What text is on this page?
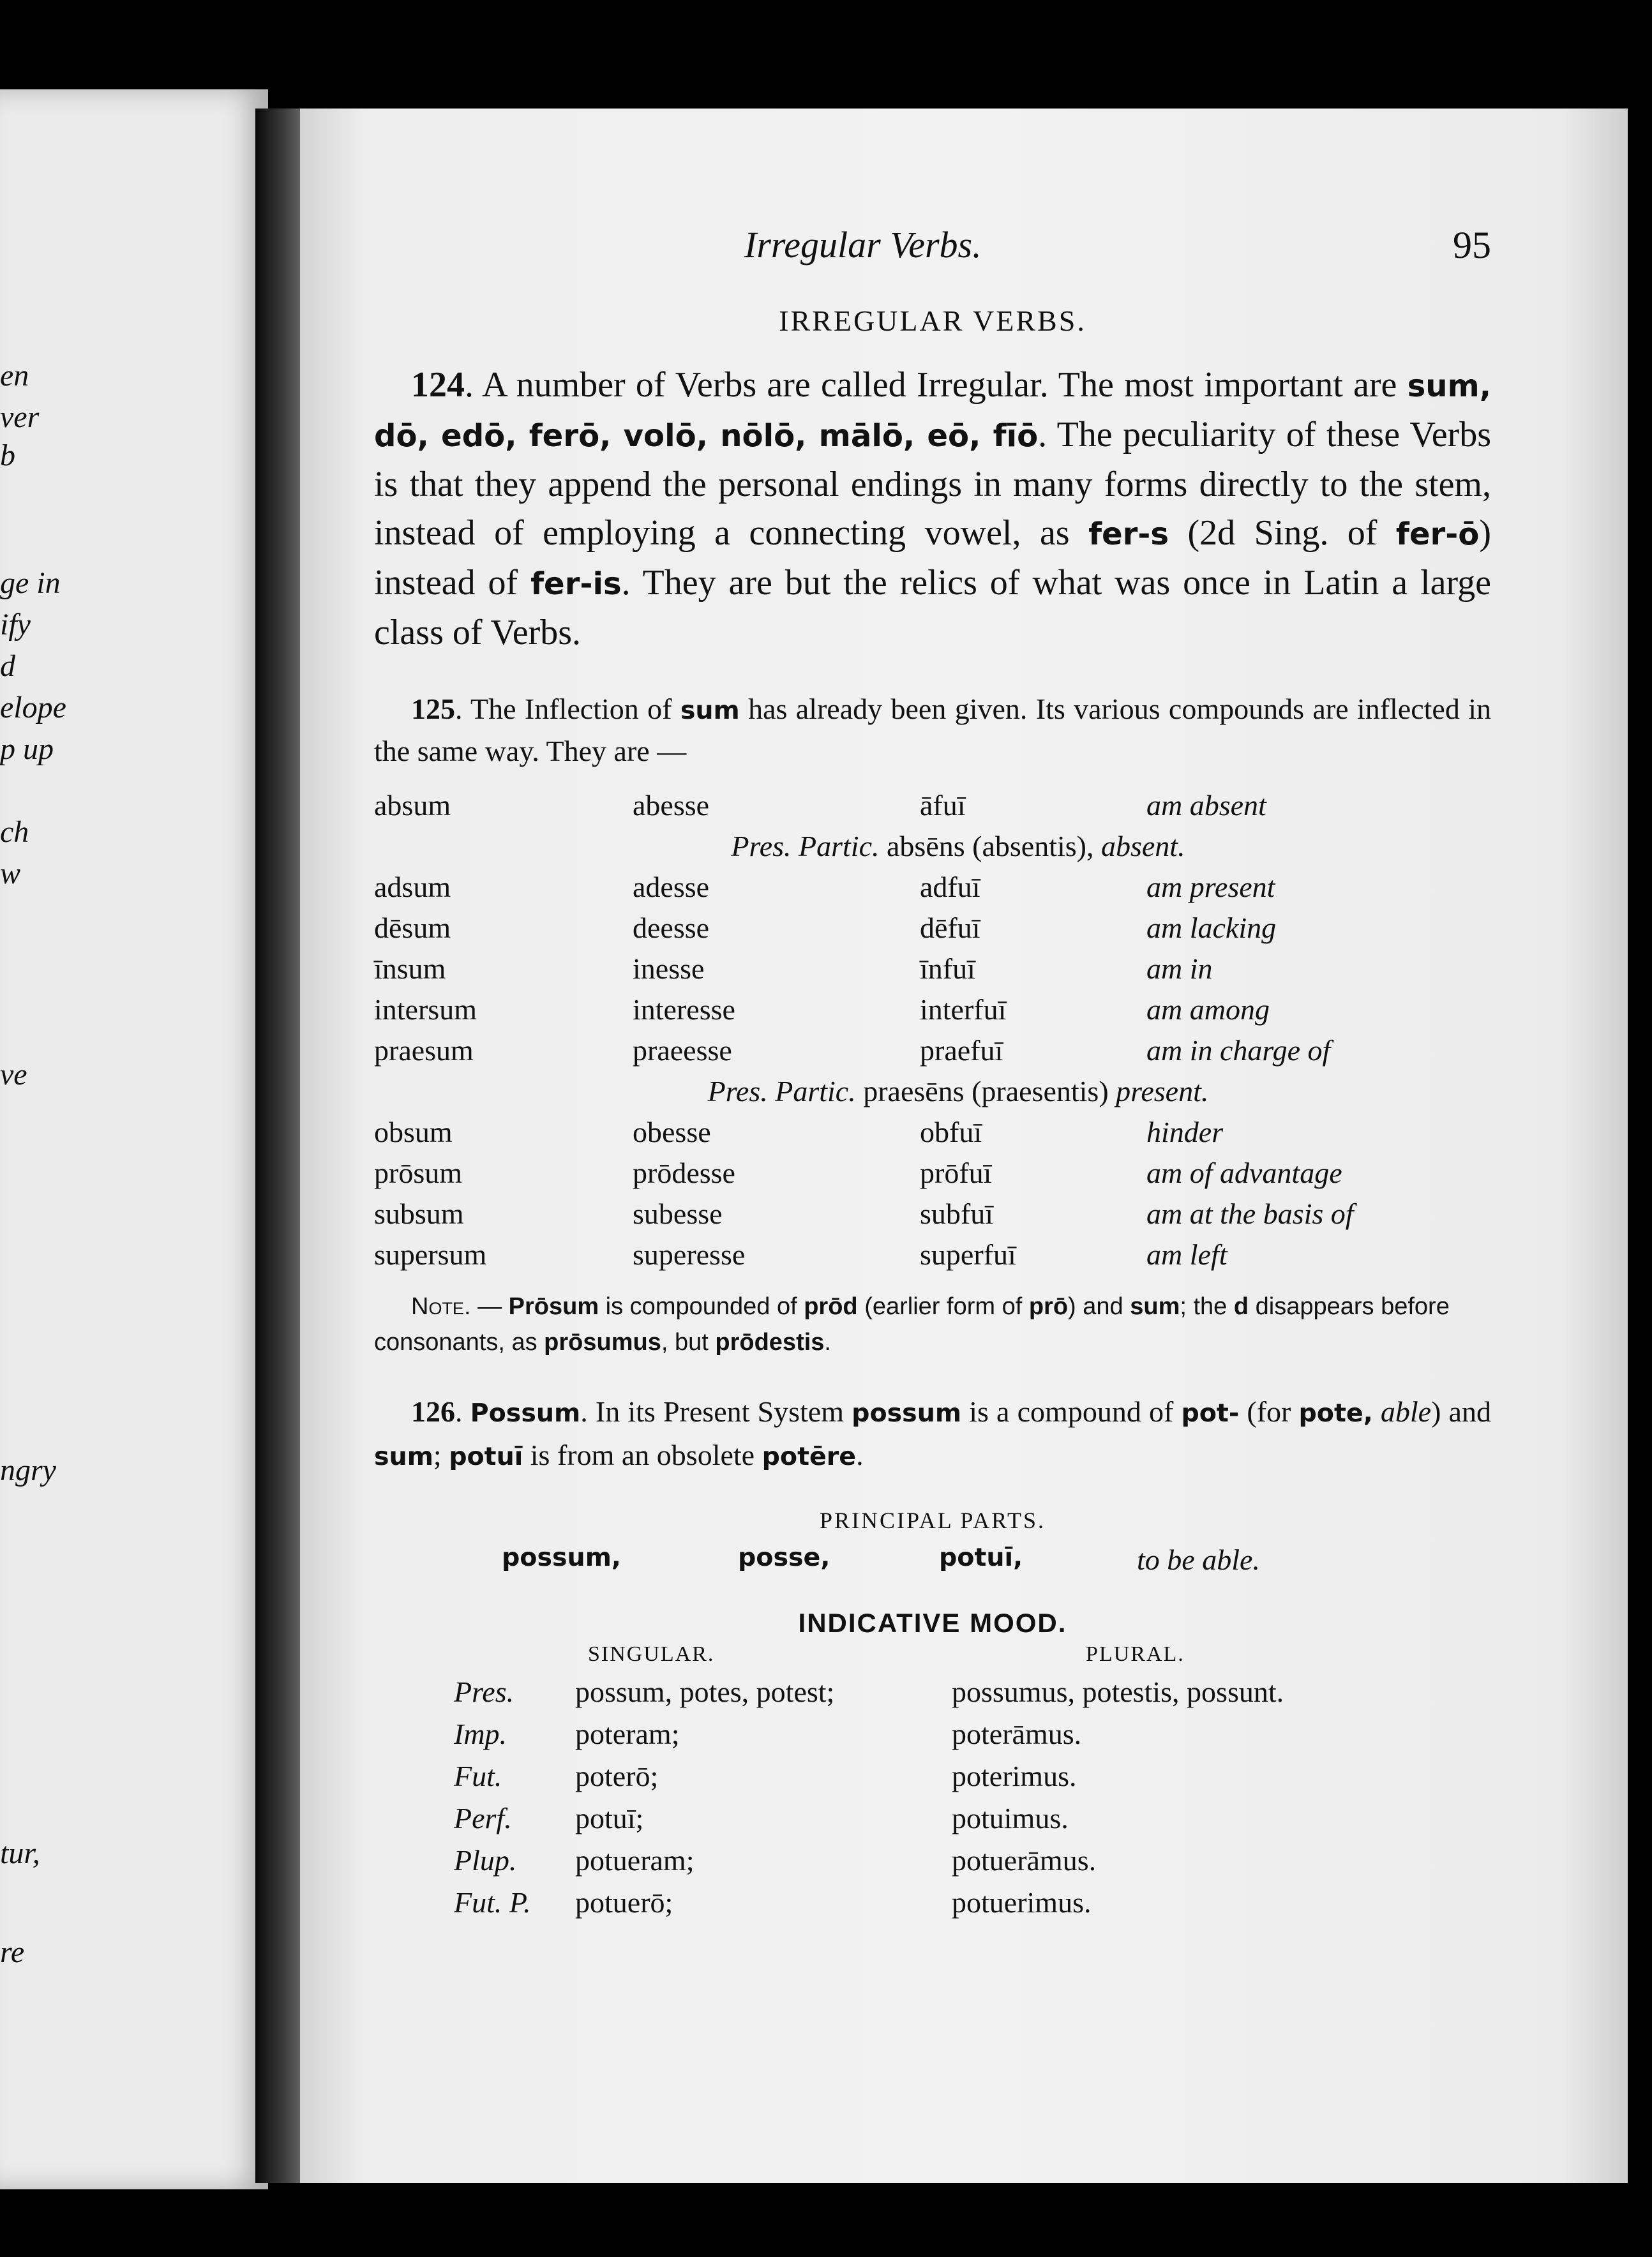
en
ver
b
ge in
ify
d
elope
p up
ch
w
ve
ngry
tur,
re
Irregular Verbs.	95
IRREGULAR VERBS.

124. A number of Verbs are called Irregular. The most important are sum, dō, edō, ferō, volō, nōlō, mālō, eō, fīō. The peculiarity of these Verbs is that they append the personal endings in many forms directly to the stem, instead of employing a connecting vowel, as fer-s (2d Sing. of fer-ō) instead of fer-is. They are but the relics of what was once in Latin a large class of Verbs.

125. The Inflection of sum has already been given. Its various compounds are inflected in the same way. They are —

absum	abesse	āfuī	am absent
Pres. Partic. absēns (absentis), absent.			
adsum	adesse	adfuī	am present
dēsum	deesse	dēfuī	am lacking
īnsum	inesse	īnfuī	am in
intersum	interesse	interfuī	am among
praesum	praeesse	praefuī	am in charge of
Pres. Partic. praesēns (praesentis) present.			
obsum	obesse	obfuī	hinder
prōsum	prōdesse	prōfuī	am of advantage
subsum	subesse	subfuī	am at the basis of
supersum	superesse	superfuī	am left

Note. — Prōsum is compounded of prōd (earlier form of prō) and sum; the d disappears before consonants, as prōsumus, but prōdestis.

126. Possum. In its Present System possum is a compound of pot- (for pote, able) and sum; potuī is from an obsolete potēre.

PRINCIPAL PARTS.
possum,	posse,	potuī,	to be able.
INDICATIVE MOOD.
SINGULAR.	PLURAL.
Pres.	possum, potes, potest;	possumus, potestis, possunt.
Imp.	poteram;	poterāmus.
Fut.	poterō;	poterimus.
Perf.	potuī;	potuimus.
Plup.	potueram;	potuerāmus.
Fut. P.	potuerō;	potuerimus.
